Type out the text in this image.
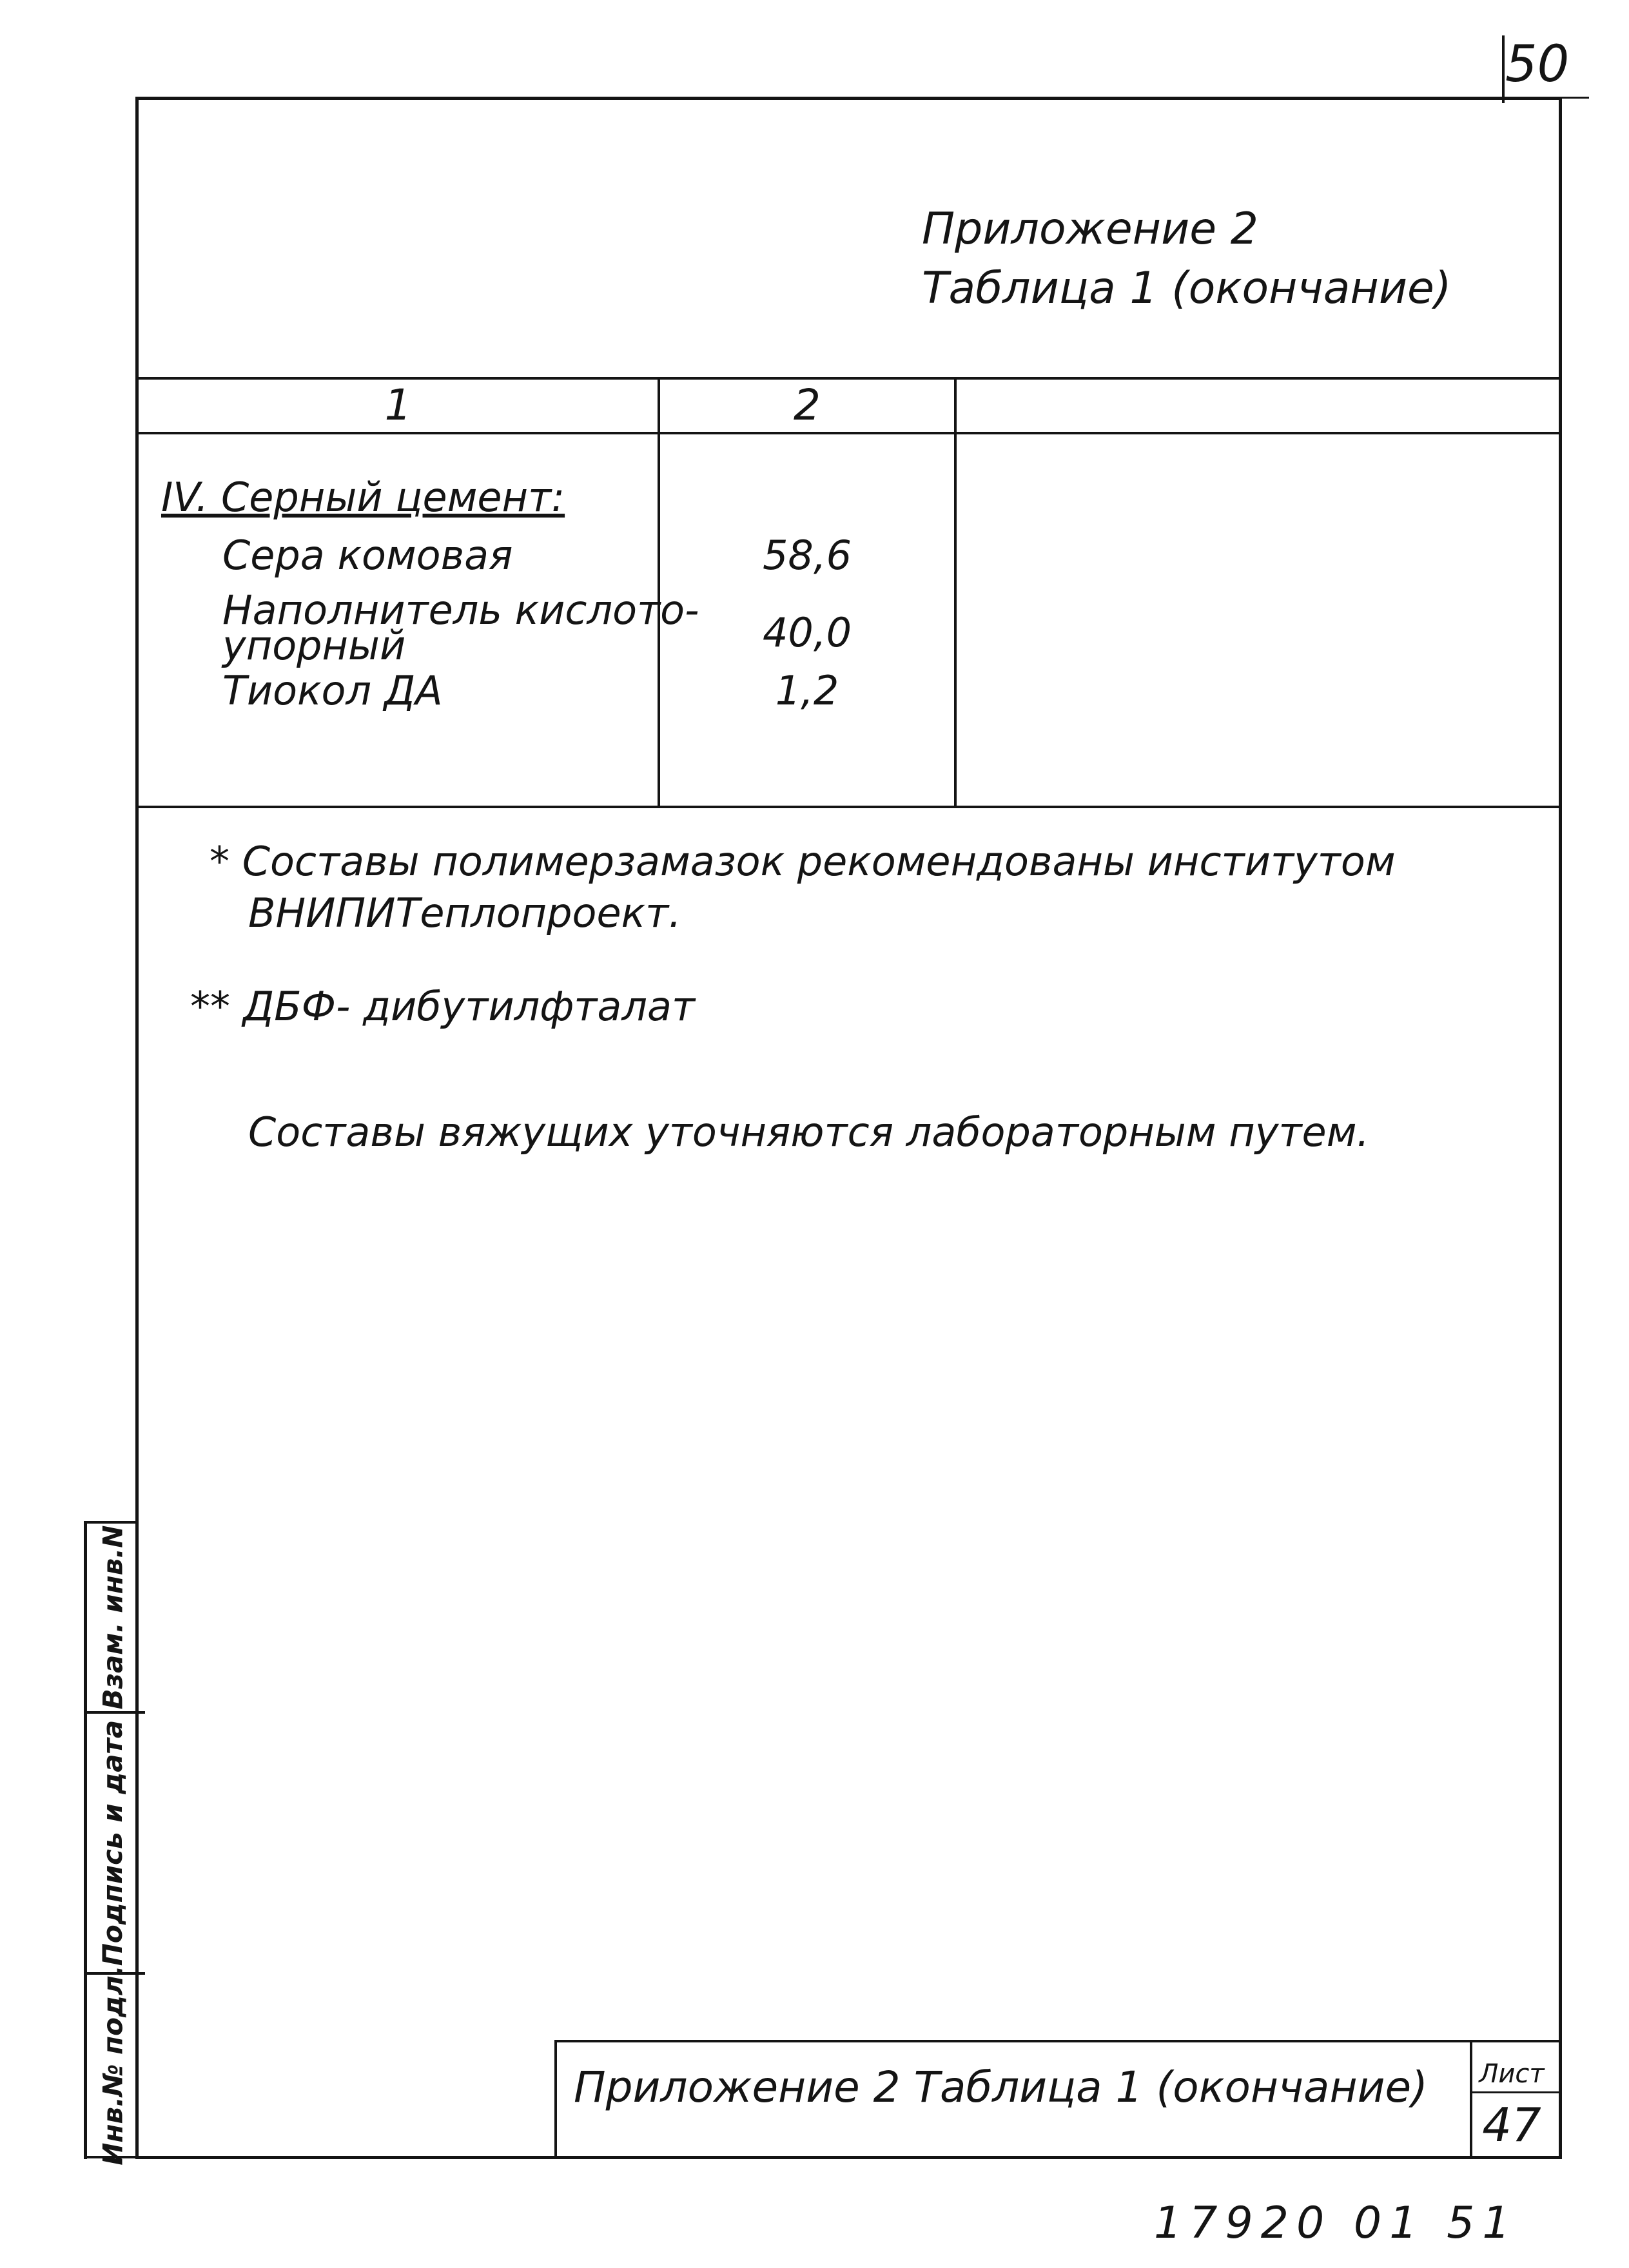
50
Приложение 2
Таблица 1 (окончание)
1	2
IV. Серный цемент:
Сера комовая	58,6
Наполнитель кислото-
упорный	40,0
Тиокол ДА	1,2
* Составы полимерзамазок рекомендованы институтом
ВНИПИТеплопроект.
** ДБФ- дибутилфталат
Составы вяжущих уточняются лабораторным путем.
Взам. инв.N
Подпись и дата
Инв.№ подл.	Приложение 2 Таблица 1 (окончание) Лист
47
17920 01 51
